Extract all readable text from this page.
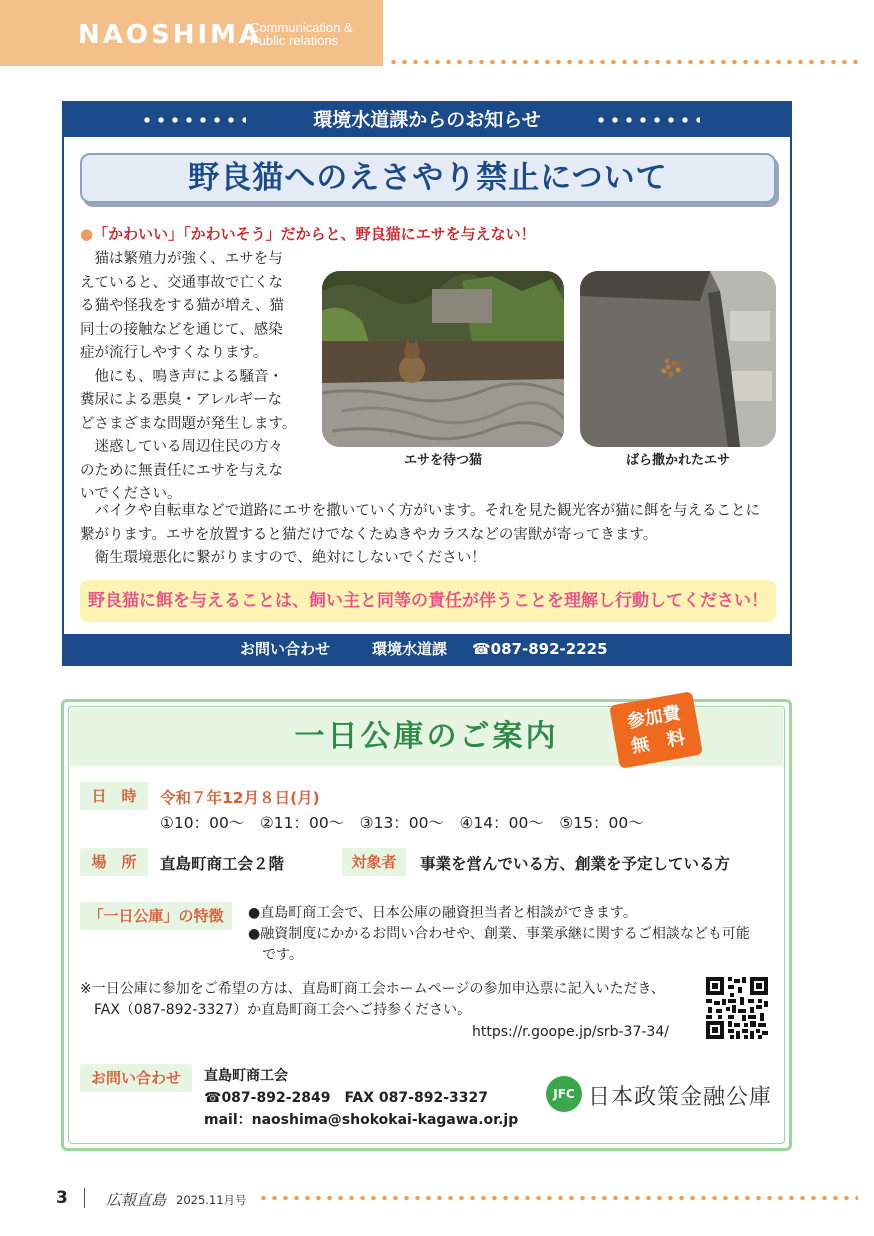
NAOSHIMA
Communication &
Public relations
環境水道課からのお知らせ
野良猫へのえさやり禁止について
●「かわいい」「かわいそう」だからと、野良猫にエサを与えない！
　猫は繁殖力が強く、エサを与
えていると、交通事故で亡くな
る猫や怪我をする猫が増え、猫
同士の接触などを通じて、感染
症が流行しやすくなります。
　他にも、鳴き声による騒音・
糞尿による悪臭・アレルギーな
どさまざまな問題が発生します。
　迷惑している周辺住民の方々
のために無責任にエサを与えな
いでください。
エサを待つ猫	ばら撒かれたエサ
　バイクや自転車などで道路にエサを撒いていく方がいます。それを見た観光客が猫に餌を与えることに
繋がります。エサを放置すると猫だけでなくたぬきやカラスなどの害獣が寄ってきます。
　衛生環境悪化に繋がりますので、絶対にしないでください！
野良猫に餌を与えることは、飼い主と同等の責任が伴うことを理解し行動してください！
お問い合わせ	環境水道課 ☎087-892-2225
一日公庫のご案内
参加費
無　料
日　時	令和７年12月８日(月)
①10：00～　②11：00～　③13：00～　④14：00～　⑤15：00～
場　所	直島町商工会２階	対象者	事業を営んでいる方、創業を予定している方
「一日公庫」の特徴	●直島町商工会で、日本公庫の融資担当者と相談ができます。
●融資制度にかかるお問い合わせや、創業、事業承継に関するご相談なども可能
　です。
※一日公庫に参加をご希望の方は、直島町商工会ホームページの参加申込票に記入いただき、
　FAX（087-892-3327）か直島町商工会へご持参ください。
https://r.goope.jp/srb-37-34/
お問い合わせ	直島町商工会
☎087-892-2849　FAX 087-892-3327
mail：naoshima@shokokai-kagawa.or.jp
JFC 日本政策金融公庫
3	広報直島 2025.11月号
